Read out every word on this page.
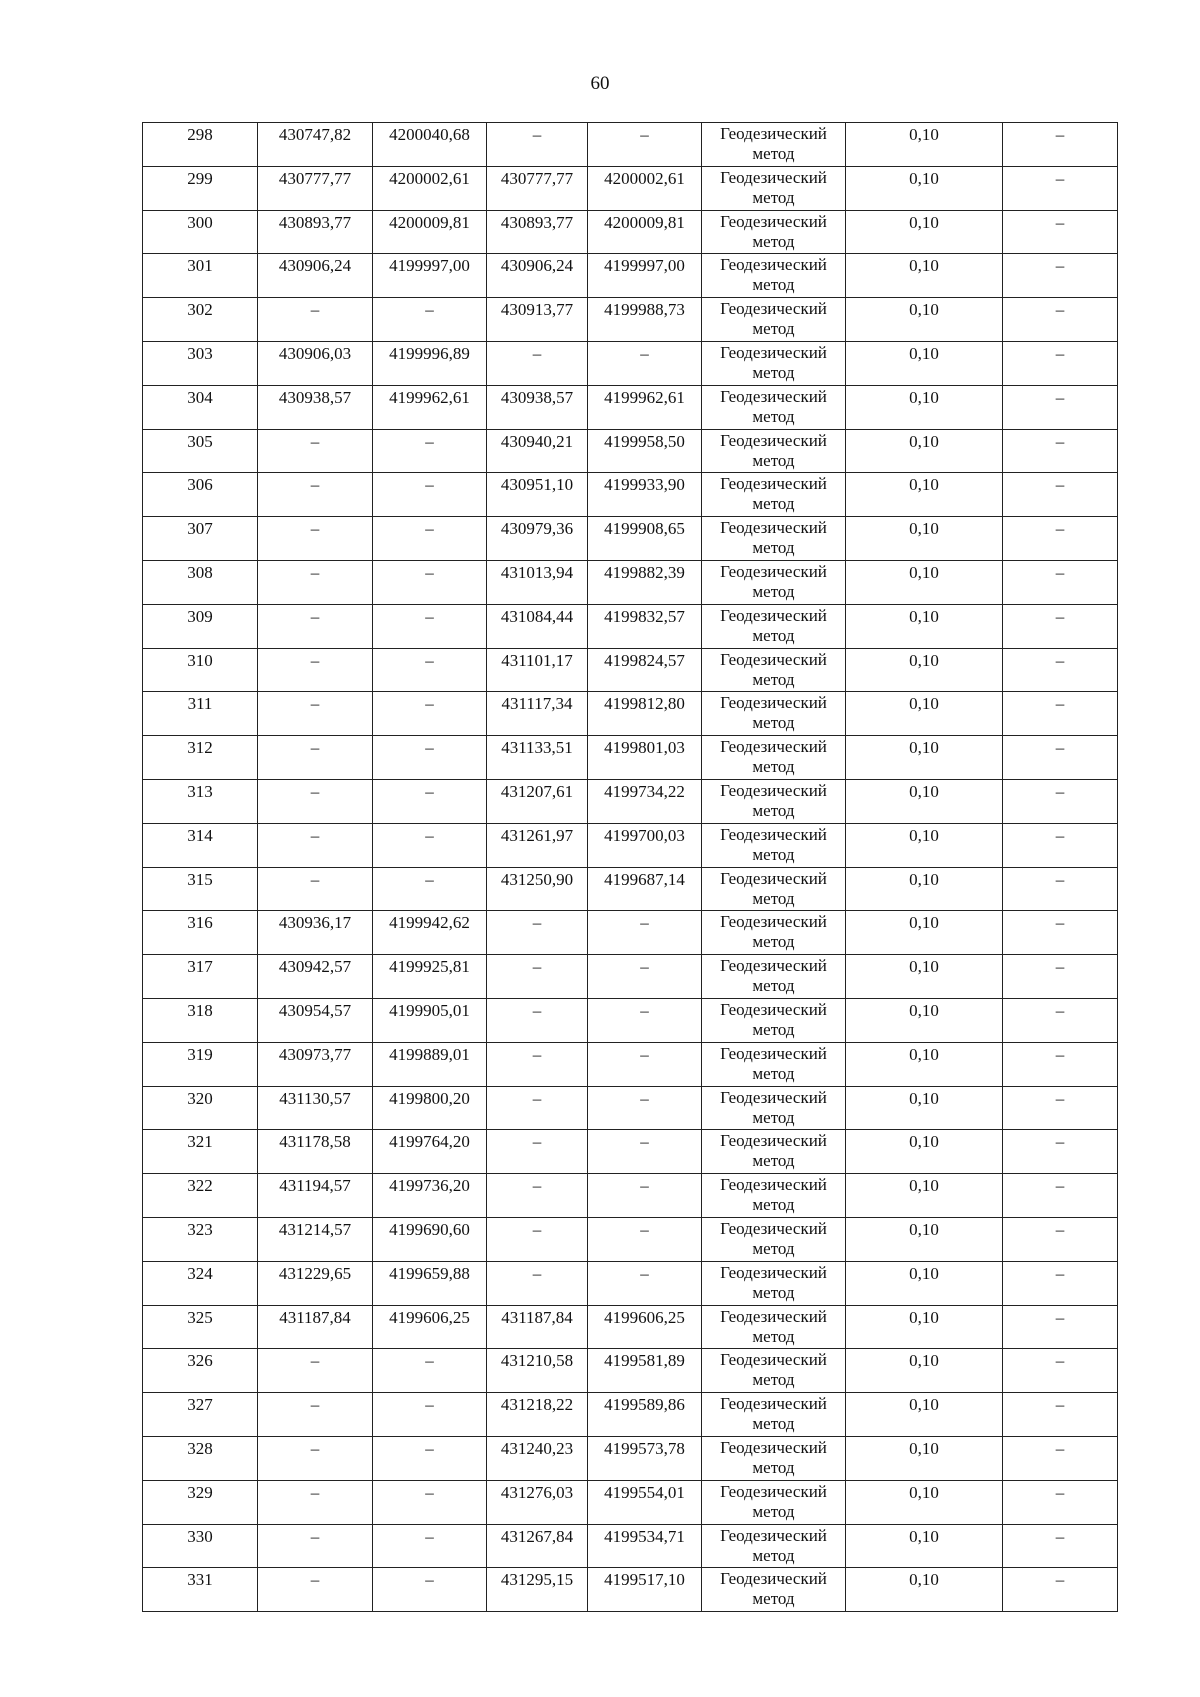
60
298	430747,82	4200040,68	–	–	Геодезический метод	0,10	–
299	430777,77	4200002,61	430777,77	4200002,61	Геодезический метод	0,10	–
300	430893,77	4200009,81	430893,77	4200009,81	Геодезический метод	0,10	–
301	430906,24	4199997,00	430906,24	4199997,00	Геодезический метод	0,10	–
302	–	–	430913,77	4199988,73	Геодезический метод	0,10	–
303	430906,03	4199996,89	–	–	Геодезический метод	0,10	–
304	430938,57	4199962,61	430938,57	4199962,61	Геодезический метод	0,10	–
305	–	–	430940,21	4199958,50	Геодезический метод	0,10	–
306	–	–	430951,10	4199933,90	Геодезический метод	0,10	–
307	–	–	430979,36	4199908,65	Геодезический метод	0,10	–
308	–	–	431013,94	4199882,39	Геодезический метод	0,10	–
309	–	–	431084,44	4199832,57	Геодезический метод	0,10	–
310	–	–	431101,17	4199824,57	Геодезический метод	0,10	–
311	–	–	431117,34	4199812,80	Геодезический метод	0,10	–
312	–	–	431133,51	4199801,03	Геодезический метод	0,10	–
313	–	–	431207,61	4199734,22	Геодезический метод	0,10	–
314	–	–	431261,97	4199700,03	Геодезический метод	0,10	–
315	–	–	431250,90	4199687,14	Геодезический метод	0,10	–
316	430936,17	4199942,62	–	–	Геодезический метод	0,10	–
317	430942,57	4199925,81	–	–	Геодезический метод	0,10	–
318	430954,57	4199905,01	–	–	Геодезический метод	0,10	–
319	430973,77	4199889,01	–	–	Геодезический метод	0,10	–
320	431130,57	4199800,20	–	–	Геодезический метод	0,10	–
321	431178,58	4199764,20	–	–	Геодезический метод	0,10	–
322	431194,57	4199736,20	–	–	Геодезический метод	0,10	–
323	431214,57	4199690,60	–	–	Геодезический метод	0,10	–
324	431229,65	4199659,88	–	–	Геодезический метод	0,10	–
325	431187,84	4199606,25	431187,84	4199606,25	Геодезический метод	0,10	–
326	–	–	431210,58	4199581,89	Геодезический метод	0,10	–
327	–	–	431218,22	4199589,86	Геодезический метод	0,10	–
328	–	–	431240,23	4199573,78	Геодезический метод	0,10	–
329	–	–	431276,03	4199554,01	Геодезический метод	0,10	–
330	–	–	431267,84	4199534,71	Геодезический метод	0,10	–
331	–	–	431295,15	4199517,10	Геодезический метод	0,10	–
